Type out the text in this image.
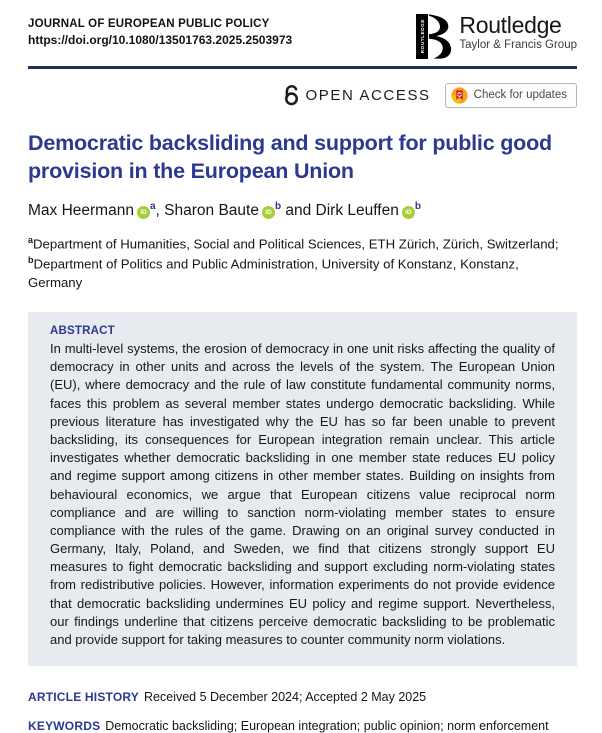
JOURNAL OF EUROPEAN PUBLIC POLICY
https://doi.org/10.1080/13501763.2025.2503973	ROUTLEDGE Routledge
Taylor & Francis Group
OPEN ACCESS	Check for updates
Democratic backsliding and support for public good provision in the European Union
Max Heermann $iD^a$, Sharon Baute $iD^b$ and Dirk Leuffen $iD^b$
$^a$Department of Humanities, Social and Political Sciences, ETH Zürich, Zürich, Switzerland; $^b$Department of Politics and Public Administration, University of Konstanz, Konstanz, Germany
ABSTRACT
In multi-level systems, the erosion of democracy in one unit risks affecting the quality of democracy in other units and across the levels of the system. The European Union (EU), where democracy and the rule of law constitute fundamental community norms, faces this problem as several member states undergo democratic backsliding. While previous literature has investigated why the EU has so far been unable to prevent backsliding, its consequences for European integration remain unclear. This article investigates whether democratic backsliding in one member state reduces EU policy and regime support among citizens in other member states. Building on insights from behavioural economics, we argue that European citizens value reciprocal norm compliance and are willing to sanction norm-violating member states to ensure compliance with the rules of the game. Drawing on an original survey conducted in Germany, Italy, Poland, and Sweden, we find that citizens strongly support EU measures to fight democratic backsliding and support excluding norm-violating states from redistributive policies. However, information experiments do not provide evidence that democratic backsliding undermines EU policy and regime support. Nevertheless, our findings underline that citizens perceive democratic backsliding to be problematic and provide support for taking measures to counter community norm violations.
ARTICLE HISTORY Received 5 December 2024; Accepted 2 May 2025
KEYWORDS Democratic backsliding; European integration; public opinion; norm enforcement
